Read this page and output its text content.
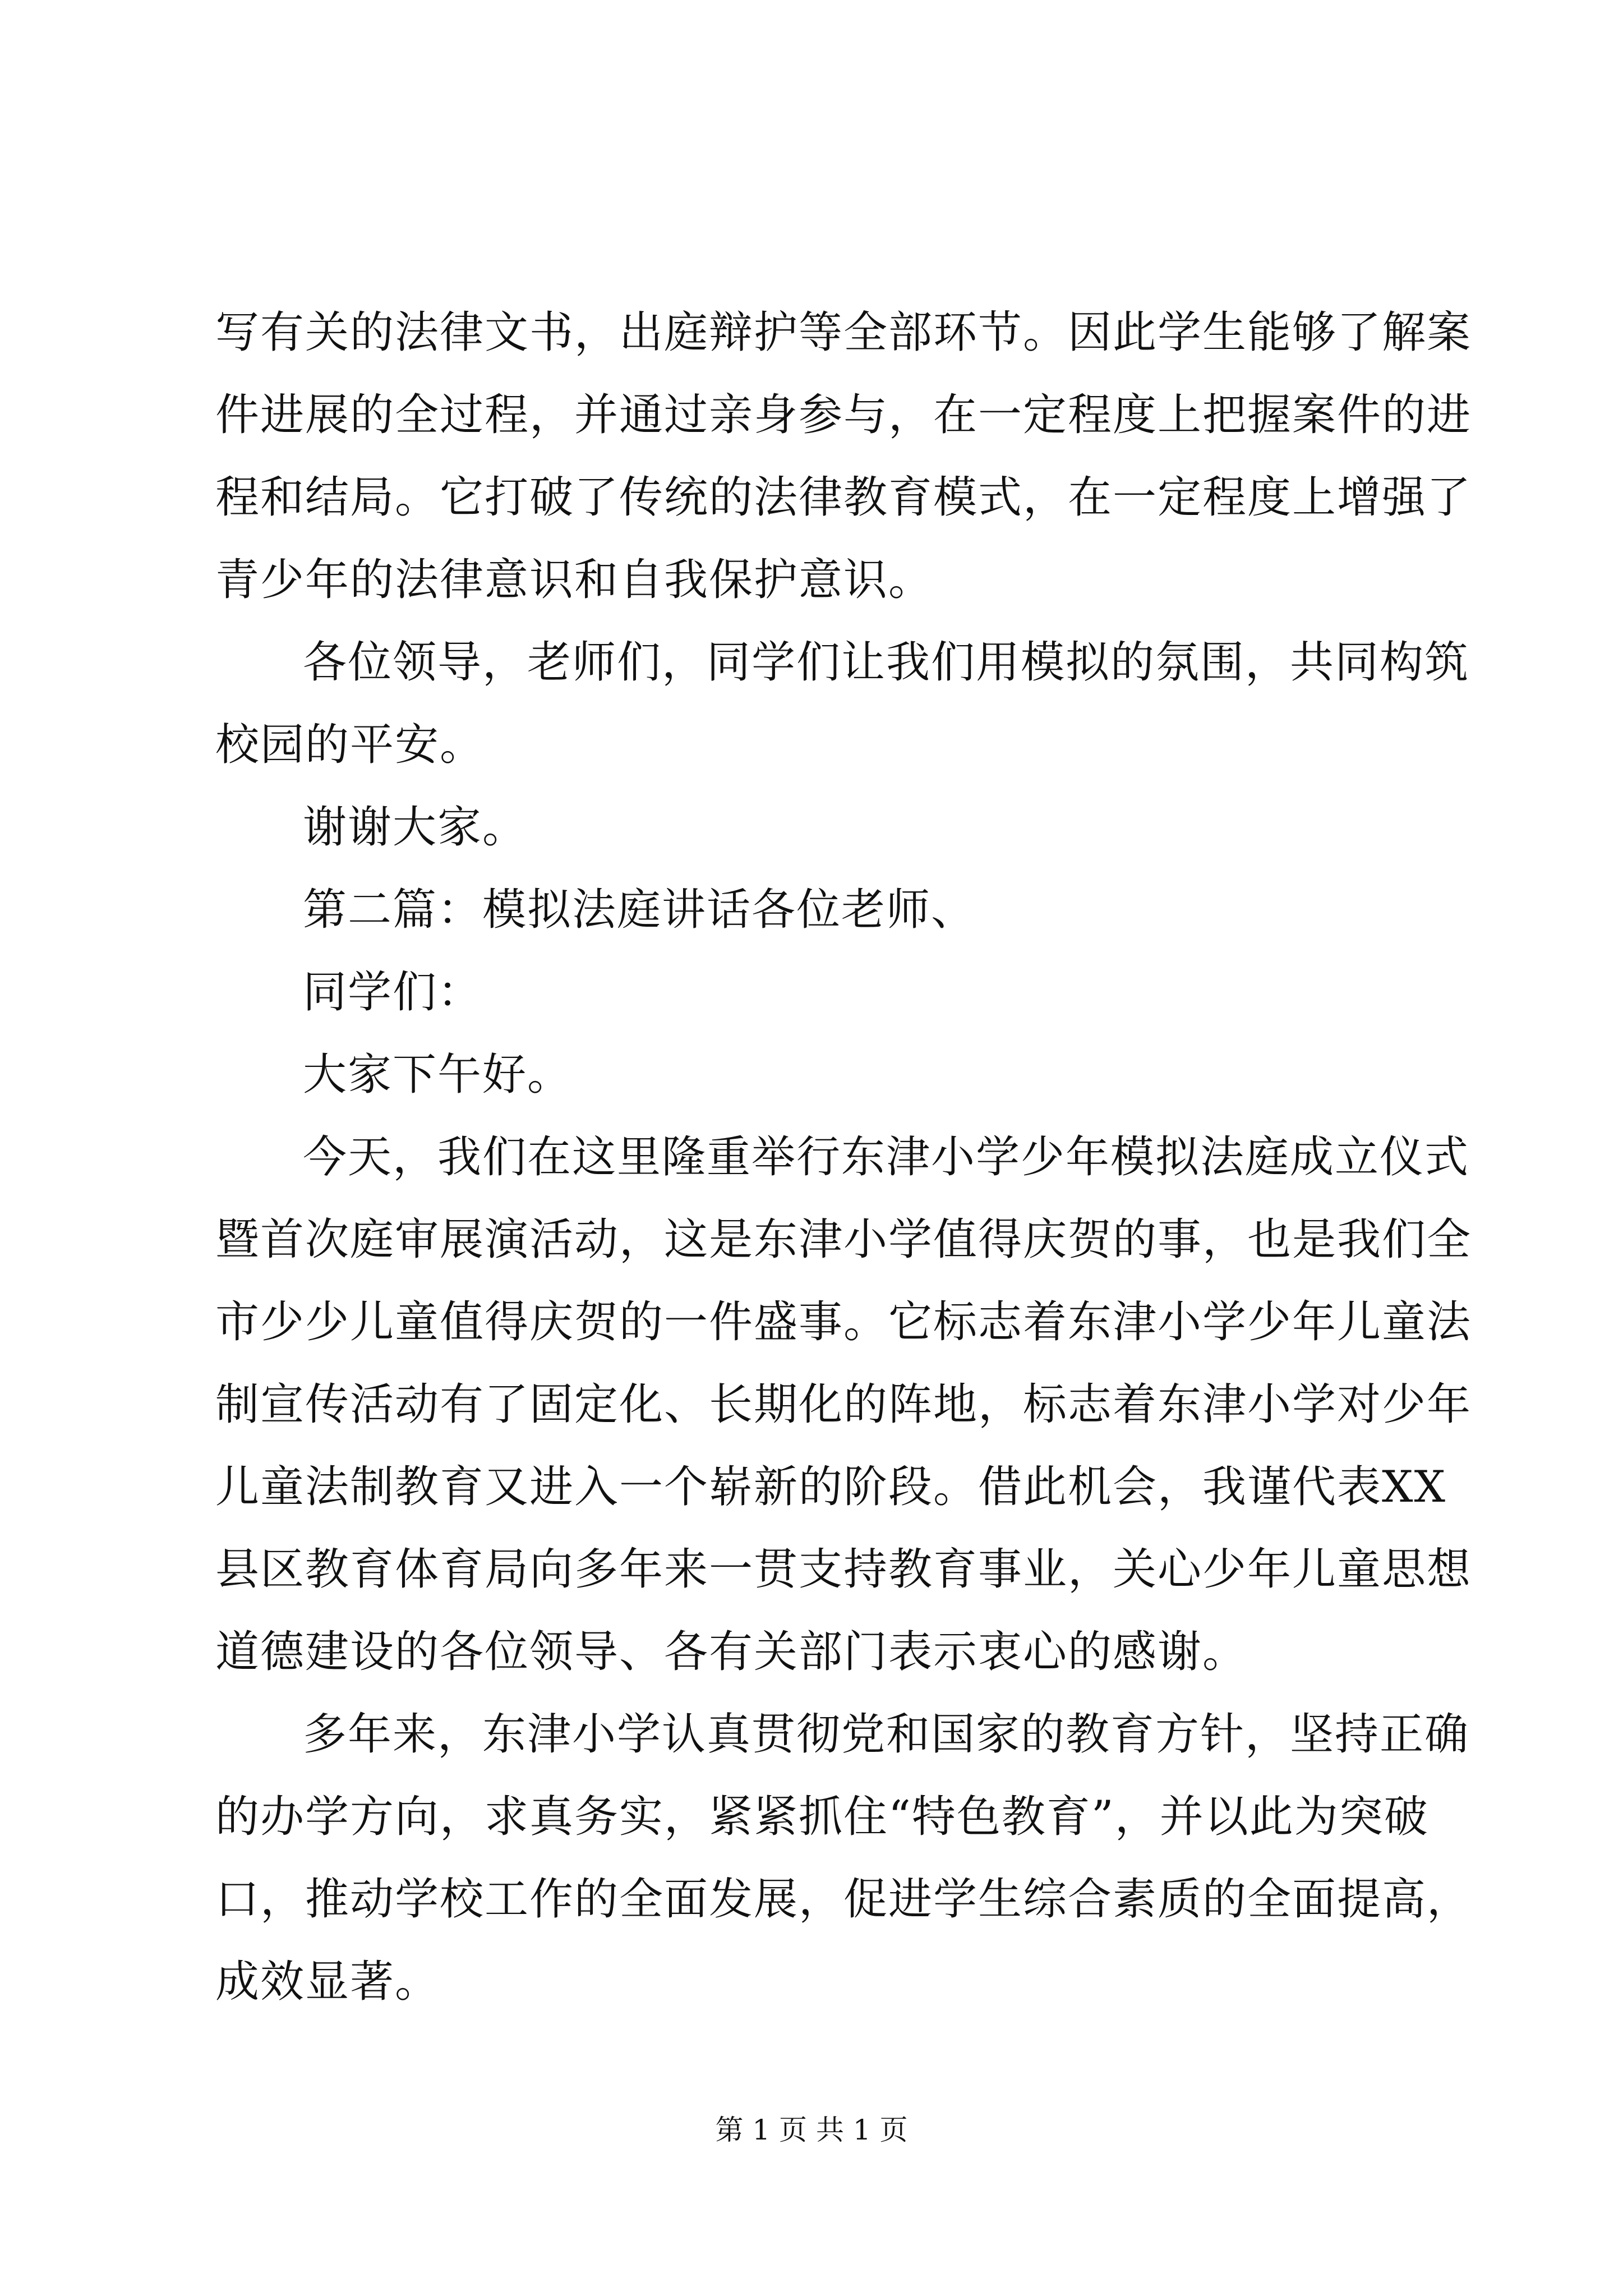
写有关的法律文书，出庭辩护等全部环节。因此学生能够了解案
件进展的全过程，并通过亲身参与，在一定程度上把握案件的进
程和结局。它打破了传统的法律教育模式，在一定程度上增强了
青少年的法律意识和自我保护意识。
各位领导，老师们，同学们让我们用模拟的氛围，共同构筑
校园的平安。
谢谢大家。
第二篇：模拟法庭讲话各位老师、
同学们：
大家下午好。
今天，我们在这里隆重举行东津小学少年模拟法庭成立仪式
暨首次庭审展演活动，这是东津小学值得庆贺的事，也是我们全
市少少儿童值得庆贺的一件盛事。它标志着东津小学少年儿童法
制宣传活动有了固定化、长期化的阵地，标志着东津小学对少年
儿童法制教育又进入一个崭新的阶段。借此机会，我谨代表XX
县区教育体育局向多年来一贯支持教育事业，关心少年儿童思想
道德建设的各位领导、各有关部门表示衷心的感谢。
多年来，东津小学认真贯彻党和国家的教育方针，坚持正确
的办学方向，求真务实，紧紧抓住“特色教育”，并以此为突破
口，推动学校工作的全面发展，促进学生综合素质的全面提高，
成效显著。
第 1 页 共 1 页
